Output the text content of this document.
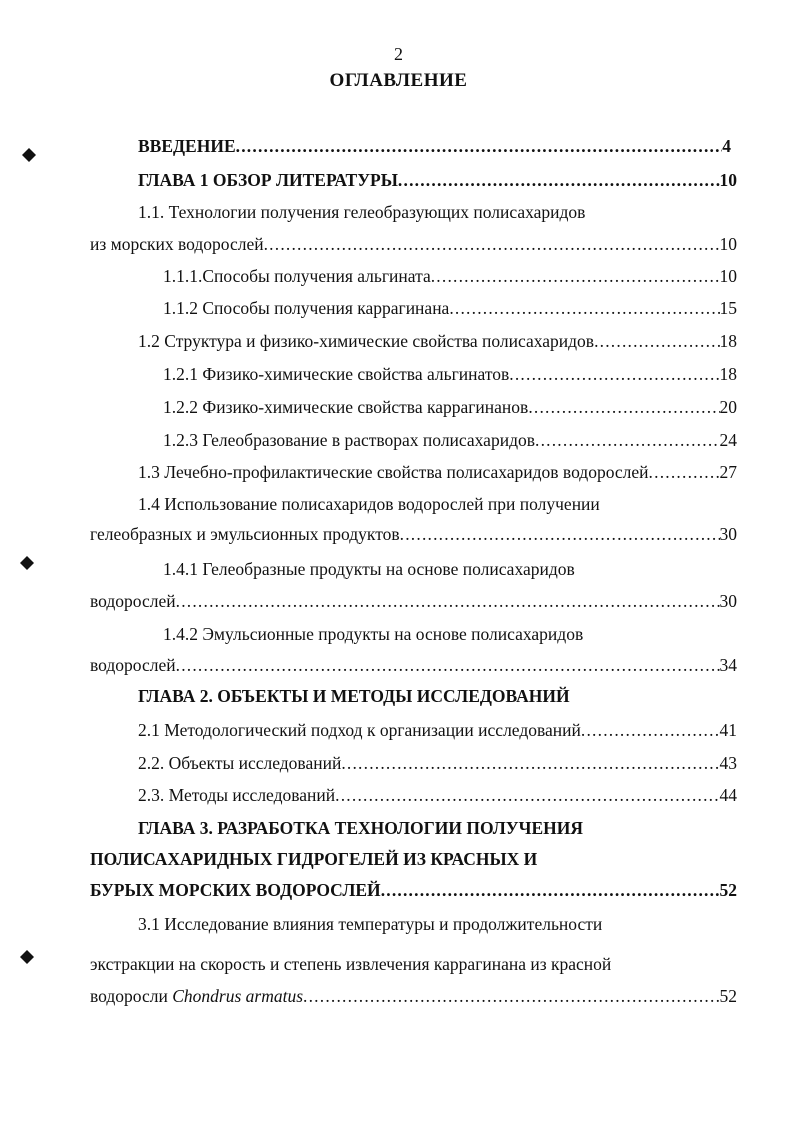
2
ОГЛАВЛЕНИЕ
ВВЕДЕНИЕ .....	4
ГЛАВА 1 ОБЗОР ЛИТЕРАТУРЫ .....	10
1.1. Технологии получения гелеобразующих полисахаридов
из морских водорослей .....	10
1.1.1.Способы получения альгината .....	10
1.1.2 Способы получения каррагинана .....	15
1.2 Структура и физико-химические свойства полисахаридов .....	18
1.2.1 Физико-химические свойства альгинатов .....	18
1.2.2 Физико-химические свойства каррагинанов .....	20
1.2.3 Гелеобразование в растворах полисахаридов .....	24
1.3 Лечебно-профилактические свойства полисахаридов водорослей .....	27
1.4 Использование полисахаридов водорослей при получении
гелеобразных и эмульсионных продуктов .....	30
1.4.1 Гелеобразные продукты на основе полисахаридов
водорослей .....	30
1.4.2 Эмульсионные продукты на основе полисахаридов
водорослей .....	34
ГЛАВА 2. ОБЪЕКТЫ И МЕТОДЫ ИССЛЕДОВАНИЙ
2.1 Методологический подход к организации исследований .....	41
2.2. Объекты исследований .....	43
2.3. Методы исследований .....	44
ГЛАВА 3. РАЗРАБОТКА ТЕХНОЛОГИИ ПОЛУЧЕНИЯ
ПОЛИСАХАРИДНЫХ ГИДРОГЕЛЕЙ ИЗ КРАСНЫХ И
БУРЫХ МОРСКИХ ВОДОРОСЛЕЙ .....	52
3.1 Исследование влияния температуры и продолжительности
экстракции на скорость и степень извлечения каррагинана из красной
водоросли Chondrus armatus .....	52
